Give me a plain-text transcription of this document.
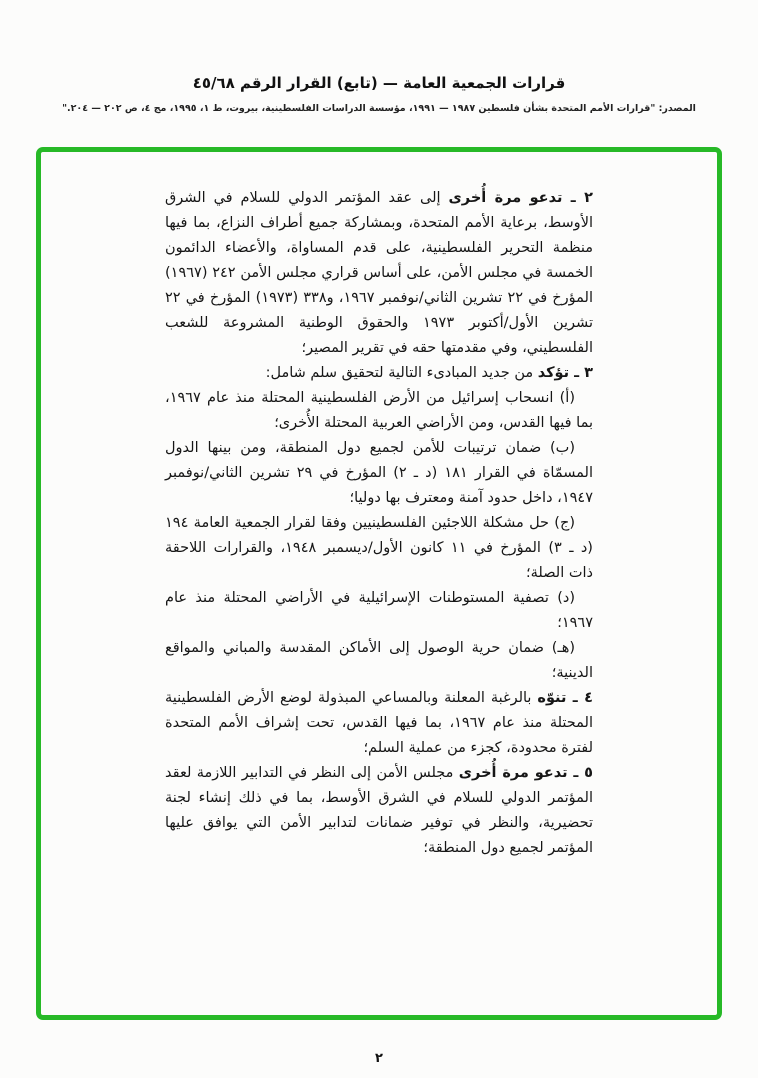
قرارات الجمعية العامة — (تابع) القرار الرقم ٤٥/٦٨
المصدر: "قرارات الأمم المتحدة بشأن فلسطين ١٩٨٧ — ١٩٩١، مؤسسة الدراسات الفلسطينية، بيروت، ط ١، ١٩٩٥، مج ٤، ص ٢٠٢ — ٢٠٤."

٢ ـ تدعو مرة أُخرى إلى عقد المؤتمر الدولي للسلام في الشرق الأوسط، برعاية الأمم المتحدة، وبمشاركة جميع أطراف النزاع، بما فيها منظمة التحرير الفلسطينية، على قدم المساواة، والأعضاء الدائمون الخمسة في مجلس الأمن، على أساس قراري مجلس الأمن ٢٤٢ (١٩٦٧) المؤرخ في ٢٢ تشرين الثاني/نوفمبر ١٩٦٧، و٣٣٨ (١٩٧٣) المؤرخ في ٢٢ تشرين الأول/أكتوبر ١٩٧٣ والحقوق الوطنية المشروعة للشعب الفلسطيني، وفي مقدمتها حقه في تقرير المصير؛

٣ ـ تؤكد من جديد المبادىء التالية لتحقيق سلم شامل:

(أ) انسحاب إسرائيل من الأرض الفلسطينية المحتلة منذ عام ١٩٦٧، بما فيها القدس، ومن الأراضي العربية المحتلة الأُخرى؛

(ب) ضمان ترتيبات للأمن لجميع دول المنطقة، ومن بينها الدول المسمّاة في القرار ١٨١ (د ـ ٢) المؤرخ في ٢٩ تشرين الثاني/نوفمبر ١٩٤٧، داخل حدود آمنة ومعترف بها دوليا؛

(ج) حل مشكلة اللاجئين الفلسطينيين وفقا لقرار الجمعية العامة ١٩٤ (د ـ ٣) المؤرخ في ١١ كانون الأول/ديسمبر ١٩٤٨، والقرارات اللاحقة ذات الصلة؛

(د) تصفية المستوطنات الإسرائيلية في الأراضي المحتلة منذ عام ١٩٦٧؛

(هـ) ضمان حرية الوصول إلى الأماكن المقدسة والمباني والمواقع الدينية؛

٤ ـ تنوّه بالرغبة المعلنة وبالمساعي المبذولة لوضع الأرض الفلسطينية المحتلة منذ عام ١٩٦٧، بما فيها القدس، تحت إشراف الأمم المتحدة لفترة محدودة، كجزء من عملية السلم؛

٥ ـ تدعو مرة أُخرى مجلس الأمن إلى النظر في التدابير اللازمة لعقد المؤتمر الدولي للسلام في الشرق الأوسط، بما في ذلك إنشاء لجنة تحضيرية، والنظر في توفير ضمانات لتدابير الأمن التي يوافق عليها المؤتمر لجميع دول المنطقة؛

٢
